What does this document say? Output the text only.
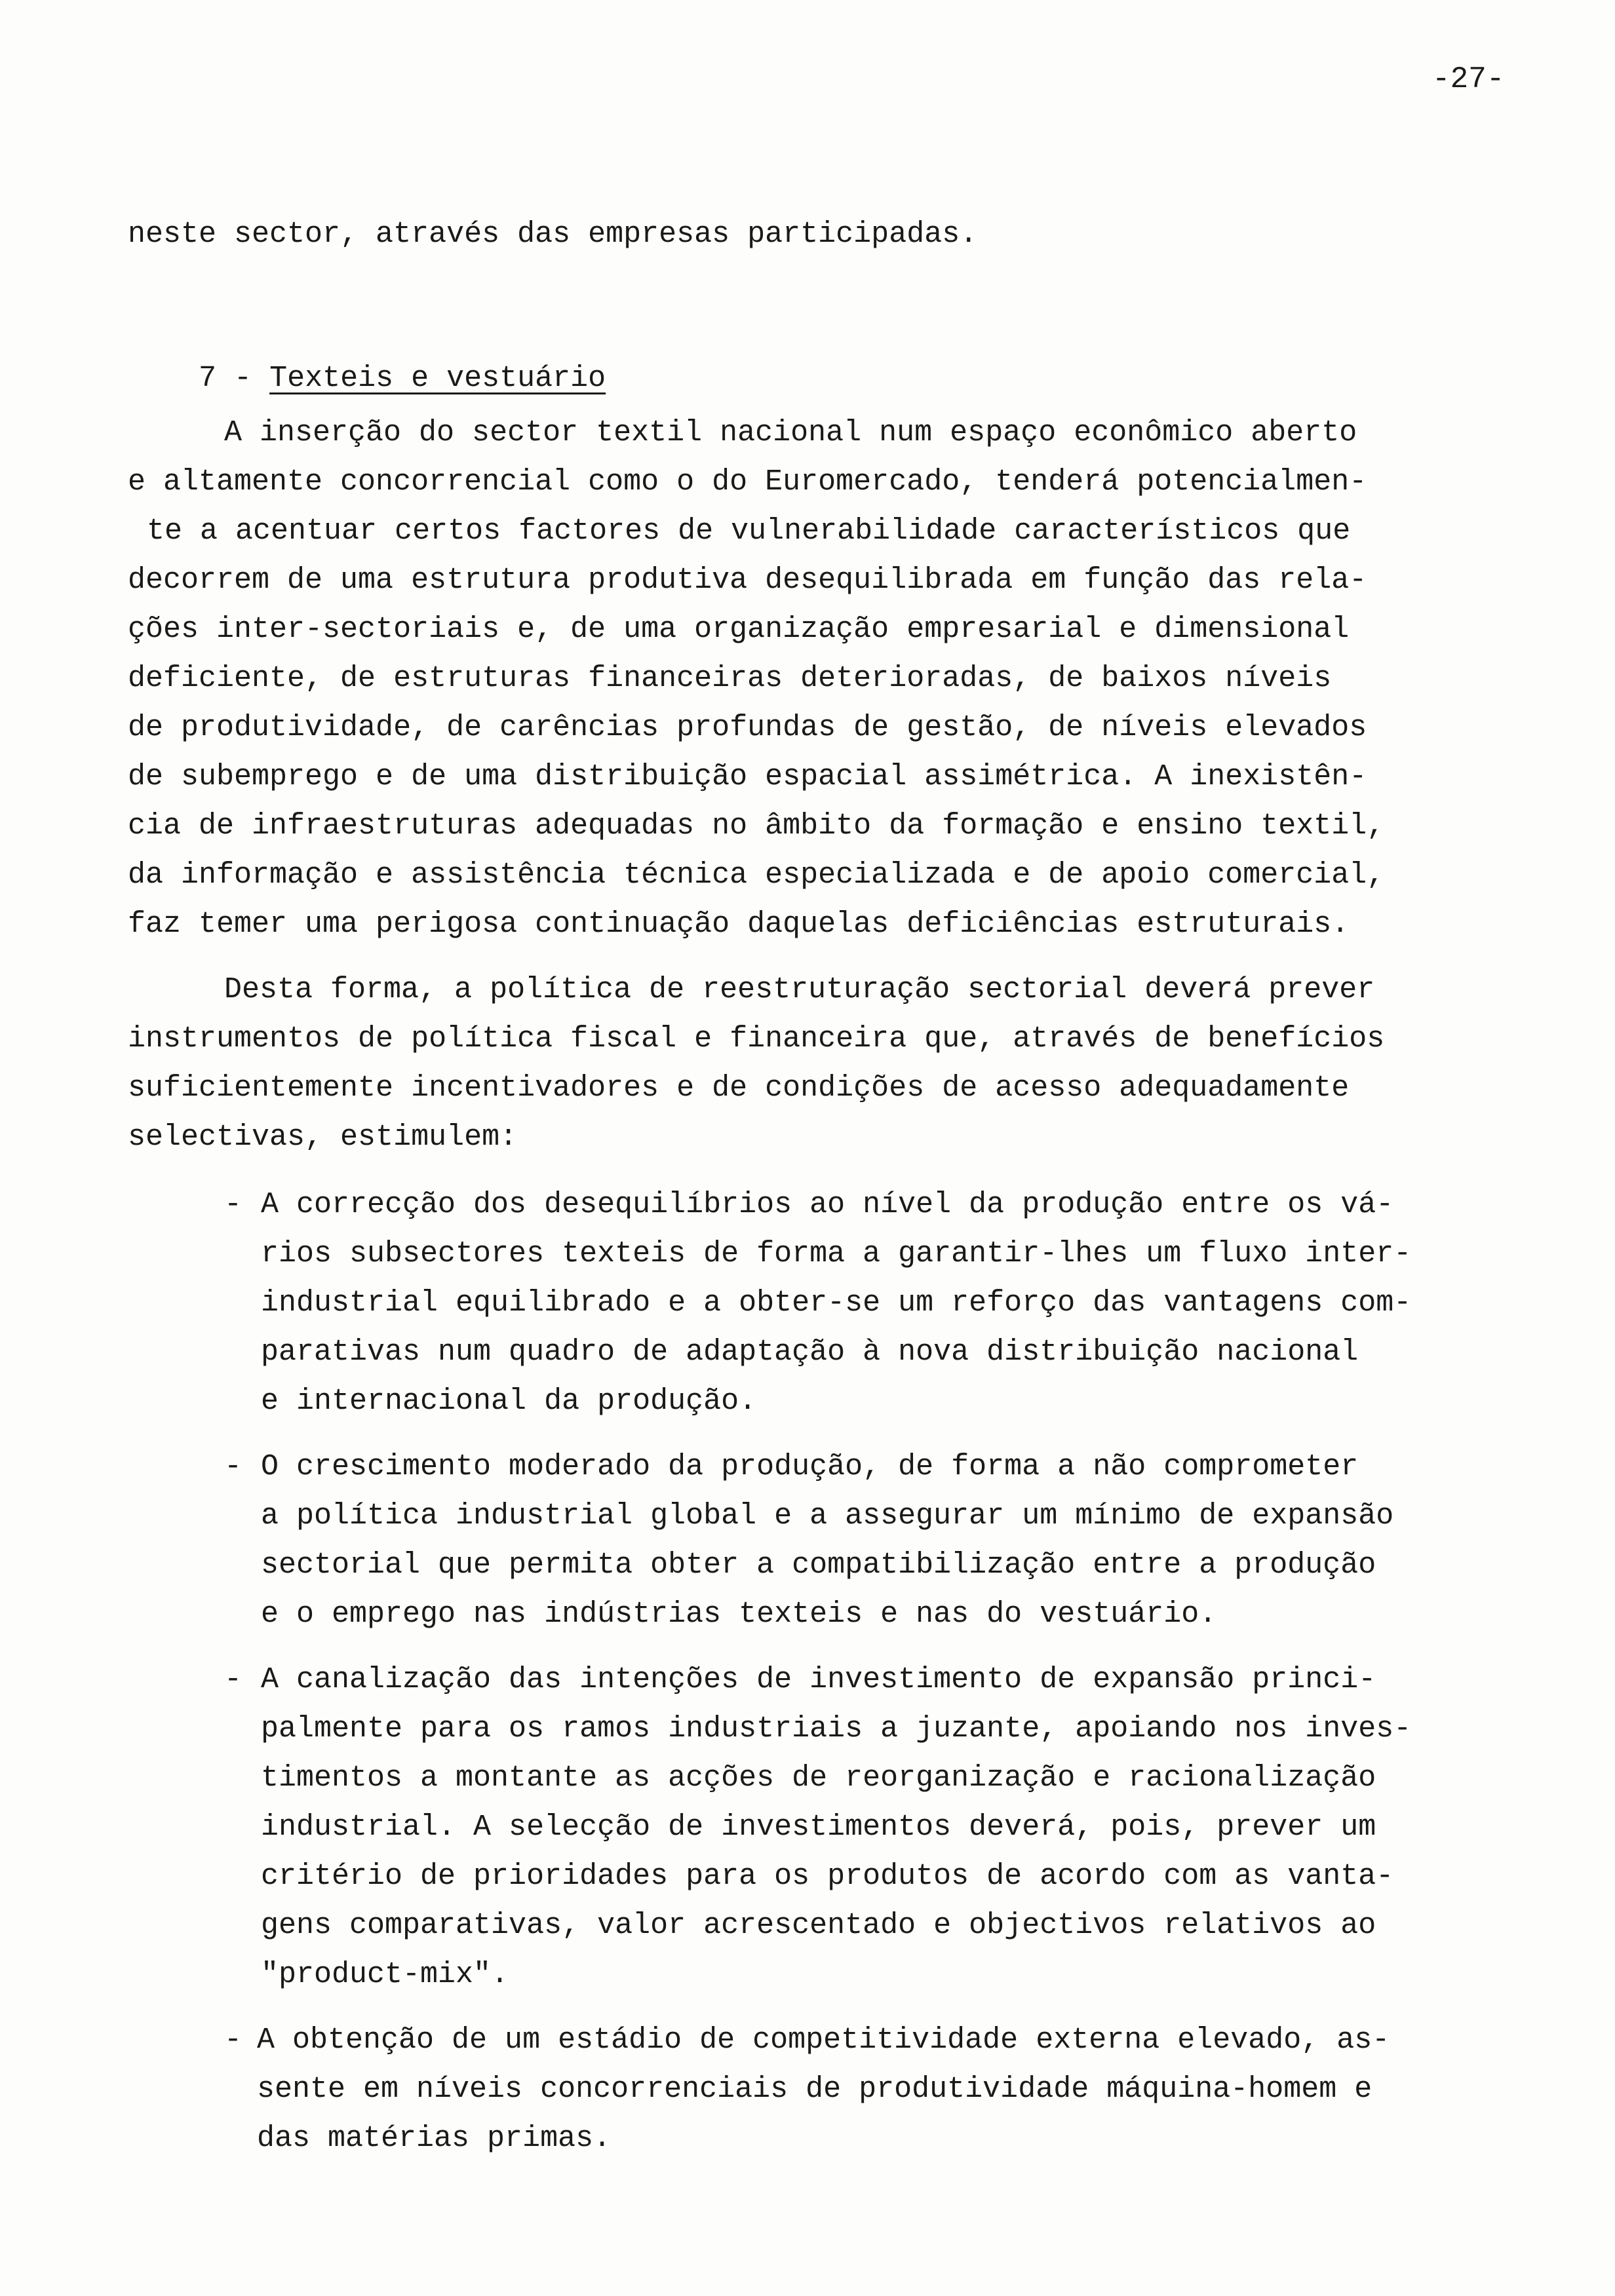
-27-
neste sector, através das empresas participadas.

7 - Texteis e vestuário

A inserção do sector textil nacional num espaço econômico aberto
e altamente concorrencial como o do Euromercado, tenderá potencialmen-
te a acentuar certos factores de vulnerabilidade característicos que
decorrem de uma estrutura produtiva desequilibrada em função das rela-
ções inter-sectoriais e, de uma organização empresarial e dimensional
deficiente, de estruturas financeiras deterioradas, de baixos níveis
de produtividade, de carências profundas de gestão, de níveis elevados
de subemprego e de uma distribuição espacial assimétrica. A inexistên-
cia de infraestruturas adequadas no âmbito da formação e ensino textil,
da informação e assistência técnica especializada e de apoio comercial,
faz temer uma perigosa continuação daquelas deficiências estruturais.
Desta forma, a política de reestruturação sectorial deverá prever
instrumentos de política fiscal e financeira que, através de benefícios
suficientemente incentivadores e de condições de acesso adequadamente
selectivas, estimulem:
- A correcção dos desequilíbrios ao nível da produção entre os vá-
rios subsectores texteis de forma a garantir-lhes um fluxo inter-
industrial equilibrado e a obter-se um reforço das vantagens com-
parativas num quadro de adaptação à nova distribuição nacional
e internacional da produção.
- O crescimento moderado da produção, de forma a não comprometer
a política industrial global e a assegurar um mínimo de expansão
sectorial que permita obter a compatibilização entre a produção
e o emprego nas indústrias texteis e nas do vestuário.
- A canalização das intenções de investimento de expansão princi-
palmente para os ramos industriais a juzante, apoiando nos inves-
timentos a montante as acções de reorganização e racionalização
industrial. A selecção de investimentos deverá, pois, prever um
critério de prioridades para os produtos de acordo com as vanta-
gens comparativas, valor acrescentado e objectivos relativos ao
"product-mix".
- A obtenção de um estádio de competitividade externa elevado, as-
sente em níveis concorrenciais de produtividade máquina-homem e
das matérias primas.
